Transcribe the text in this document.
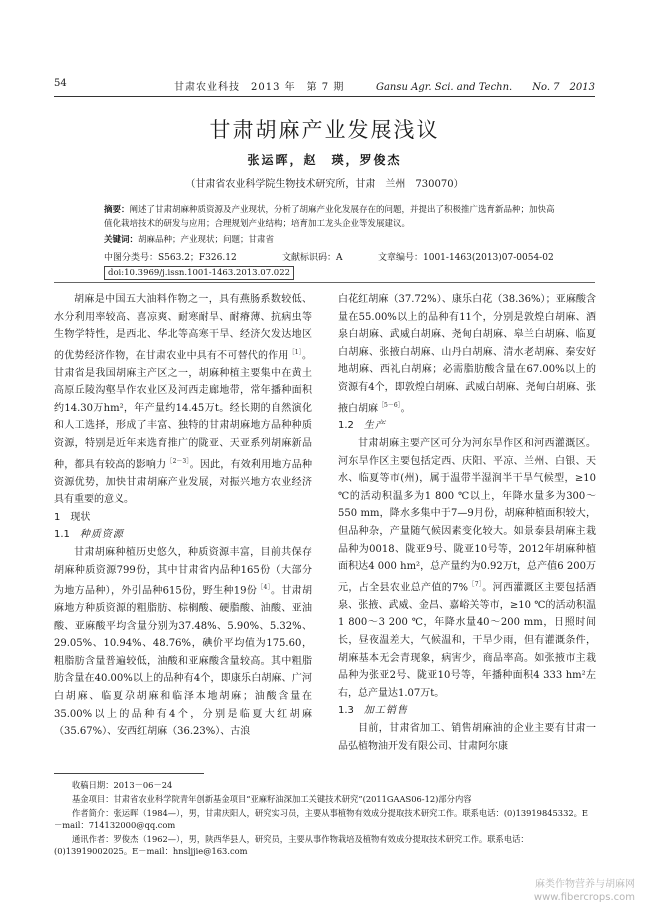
54	甘肃农业科技　2013 年　第 7 期	Gansu Agr. Sci. and Techn.　　No. 7　2013
甘肃胡麻产业发展浅议
张运晖，赵　瑛，罗俊杰
（甘肃省农业科学院生物技术研究所，甘肃　兰州　730070）
摘要：阐述了甘肃胡麻种质资源及产业现状，分析了胡麻产业化发展存在的问题，并提出了积极推广选育新品种；加快高值化栽培技术的研发与应用；合理规划产业结构；培育加工龙头企业等发展建议。
关键词：胡麻品种；产业现状；问题；甘肃省
中图分类号：S563.2；F326.12	文献标识码：A	文章编号：1001-1463(2013)07-0054-02
doi:10.3969/j.issn.1001-1463.2013.07.022

胡麻是中国五大油料作物之一，具有燕肠系数较低、水分利用率较高、喜凉爽、耐寒耐旱、耐瘠薄、抗病虫等生物学特性，是西北、华北等高寒干旱、经济欠发达地区的优势经济作物，在甘肃农业中具有不可替代的作用$^{[1]}$。甘肃省是我国胡麻主产区之一，胡麻种植主要集中在黄土高原丘陵沟壑旱作农业区及河西走廊地带，常年播种面积约14.30万hm²，年产量约14.45万t。经长期的自然演化和人工选择，形成了丰富、独特的甘肃胡麻地方品种种质资源，特别是近年来选育推广的陇亚、天亚系列胡麻新品种，都具有较高的影响力$^{[2-3]}$。因此，有效利用地方品种资源优势，加快甘肃胡麻产业发展，对振兴地方农业经济具有重要的意义。

1　现状

1.1　种质资源

甘肃胡麻种植历史悠久，种质资源丰富，目前共保存胡麻种质资源799份，其中甘肃省内品种165份（大部分为地方品种），外引品种615份，野生种19份$^{[4]}$。甘肃胡麻地方种质资源的粗脂肪、棕榈酸、硬脂酸、油酸、亚油酸、亚麻酸平均含量分别为37.48%、5.90%、5.32%、29.05%、10.94%、48.76%，碘价平均值为175.60，粗脂肪含量普遍较低，油酸和亚麻酸含量较高。其中粗脂肪含量在40.00%以上的品种有4个，即康乐白胡麻、广河白胡麻、临夏尕胡麻和临泽本地胡麻；油酸含量在35.00%以上的品种有4个，分别是临夏大红胡麻（35.67%）、安西红胡麻（36.23%）、古浪

白花红胡麻（37.72%）、康乐白花（38.36%）；亚麻酸含量在55.00%以上的品种有11个，分别是敦煌白胡麻、酒泉白胡麻、武威白胡麻、尧甸白胡麻、皋兰白胡麻、临夏白胡麻、张掖白胡麻、山丹白胡麻、清水老胡麻、秦安好地胡麻、西礼白胡麻；必需脂肪酸含量在67.00%以上的资源有4个，即敦煌白胡麻、武威白胡麻、尧甸白胡麻、张掖白胡麻$^{[5-6]}$。

1.2　生产

甘肃胡麻主要产区可分为河东旱作区和河西灌溉区。河东旱作区主要包括定西、庆阳、平凉、兰州、白银、天水、临夏等市(州)，属于温带半湿润半干旱气候型，≥10 ℃的活动积温多为1 800 ℃以上，年降水量多为300～550 mm，降水多集中于7—9月份，胡麻种植面积较大，但品种杂，产量随气候因素变化较大。如景泰县胡麻主栽品种为0018、陇亚9号、陇亚10号等，2012年胡麻种植面积达4 000 hm²，总产量约为0.92万t，总产值6 200万元，占全县农业总产值的7%$^{[7]}$。河西灌溉区主要包括酒泉、张掖、武威、金昌、嘉峪关等市，≥10 ℃的活动积温1 800～3 200 ℃，年降水量40～200 mm，日照时间长，昼夜温差大，气候温和，干旱少雨，但有灌溉条件，胡麻基本无会青现象，病害少，商品率高。如张掖市主栽品种为张亚2号、陇亚10号等，年播种面积4 333 hm²左右，总产量达1.07万t。

1.3　加工销售

目前，甘肃省加工、销售胡麻油的企业主要有甘肃一品弘植物油开发有限公司、甘肃阿尔康

收稿日期：2013－06－24
基金项目：甘肃省农业科学院青年创新基金项目“亚麻籽油深加工关键技术研究”(2011GAAS06-12)部分内容
作者简介：张运晖（1984—），男，甘肃庆阳人，研究实习员，主要从事植物有效成分提取技术研究工作。联系电话：(0)13919845332。E－mail：714132000@qq.com
通讯作者：罗俊杰（1962—），男，陕西华县人，研究员，主要从事作物栽培及植物有效成分提取技术研究工作。联系电话：(0)13919002025。E－mail：hnsljjie@163.com
麻类作物营养与胡麻网
www.fibercrops.com
